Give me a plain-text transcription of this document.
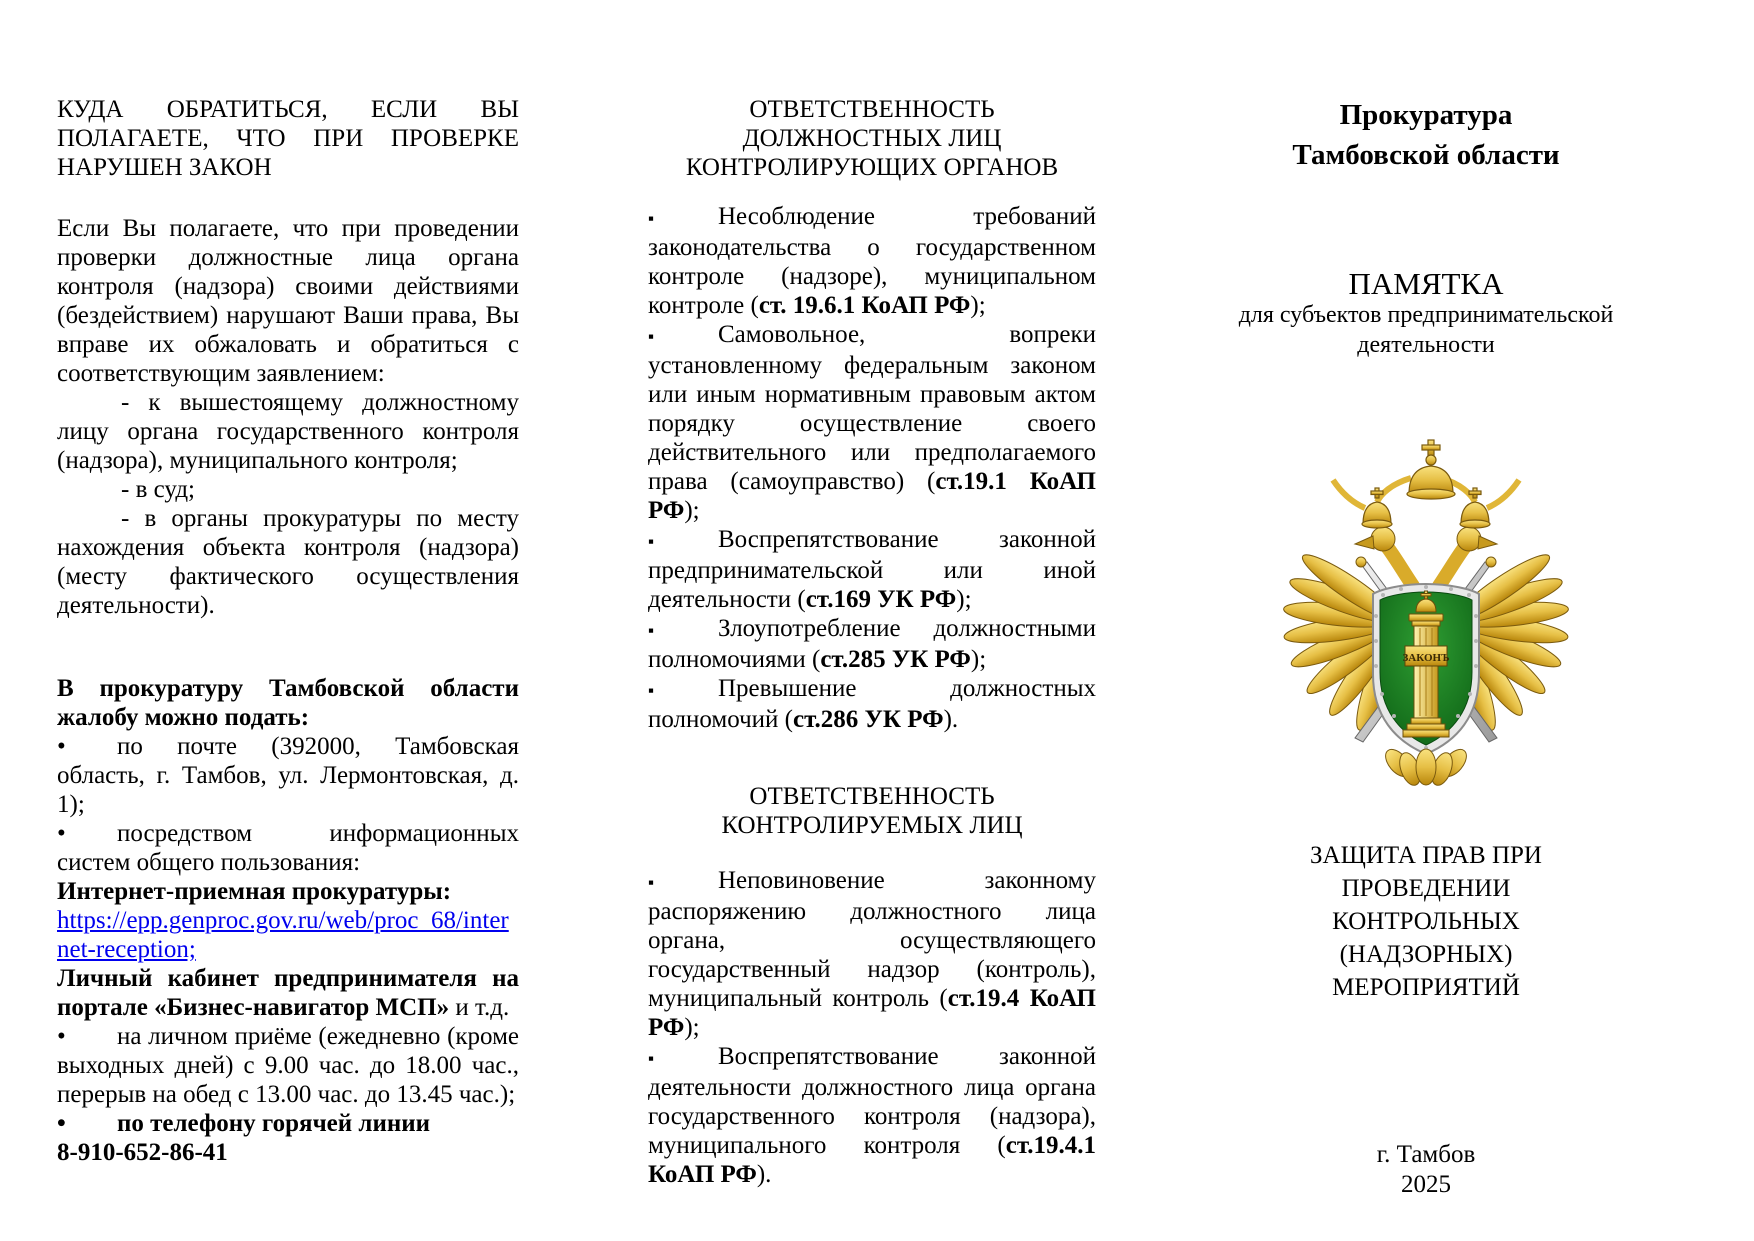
КУДА ОБРАТИТЬСЯ, ЕСЛИ ВЫ ПОЛАГАЕТЕ, ЧТО ПРИ ПРОВЕРКЕ НАРУШЕН ЗАКОН

Если Вы полагаете, что при проведении проверки должностные лица органа контроля (надзора) своими действиями (бездействием) нарушают Ваши права, Вы вправе их обжаловать и обратиться с соответствующим заявлением:

- к вышестоящему должностному лицу органа государственного контроля (надзора), муниципального контроля;

- в суд;

- в органы прокуратуры по месту нахождения объекта контроля (надзора) (месту фактического осуществления деятельности).

В прокуратуру Тамбовской области жалобу можно подать:

• по почте (392000, Тамбовская область, г. Тамбов, ул. Лермонтовская, д. 1);

• посредством информационных систем общего пользования:

Интернет-приемная прокуратуры:

https://epp.genproc.gov.ru/web/proc_68/internet-reception;

Личный кабинет предпринимателя на портале «Бизнес-навигатор МСП» и т.д.

• на личном приёме (ежедневно (кроме выходных дней) с 9.00 час. до 18.00 час., перерыв на обед с 13.00 час. до 13.45 час.);

• по телефону горячей линии

8-910-652-86-41

ОТВЕТСТВЕННОСТЬ ДОЛЖНОСТНЫХ ЛИЦ КОНТРОЛИРУЮЩИХ ОРГАНОВ

▪	Несоблюдение требований законодательства о государственном контроле (надзоре), муниципальном контроле (ст. 19.6.1 КоАП РФ);

▪	Самовольное, вопреки установленному федеральным законом или иным нормативным правовым актом порядку осуществление своего действительного или предполагаемого права (самоуправство) (ст.19.1 КоАП РФ);

▪	Воспрепятствование законной предпринимательской или иной деятельности (ст.169 УК РФ);

▪	Злоупотребление должностными полномочиями (ст.285 УК РФ);

▪	Превышение должностных полномочий (ст.286 УК РФ).

ОТВЕТСТВЕННОСТЬ КОНТРОЛИРУЕМЫХ ЛИЦ

▪	Неповиновение законному распоряжению должностного лица органа, осуществляющего государственный надзор (контроль), муниципальный контроль (ст.19.4 КоАП РФ);

▪	Воспрепятствование законной деятельности должностного лица органа государственного контроля (надзора), муниципального контроля (ст.19.4.1 КоАП РФ).

Прокуратура
Тамбовской области
ПАМЯТКА
для субъектов предпринимательской деятельности
ЗАКОНЪ
ЗАЩИТА ПРАВ ПРИ ПРОВЕДЕНИИ КОНТРОЛЬНЫХ (НАДЗОРНЫХ) МЕРОПРИЯТИЙ
г. Тамбов
2025
